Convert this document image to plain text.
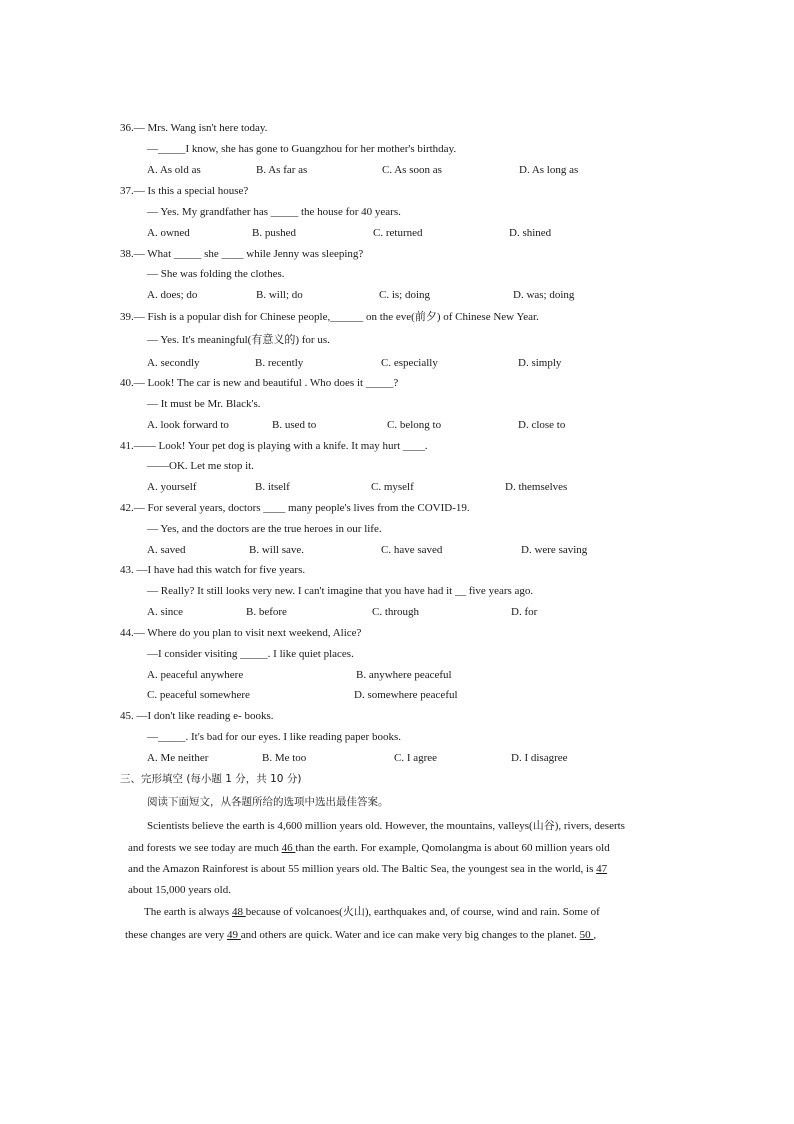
36.— Mrs. Wang isn't here today.
—_____I know, she has gone to Guangzhou for her mother's birthday.
A. As old as	B. As far as	C. As soon as	D. As long as
37.— Is this a special house?
— Yes. My grandfather has _____ the house for 40 years.
A. owned	B. pushed	C. returned	D. shined
38.— What _____ she ____ while Jenny was sleeping?
— She was folding the clothes.
A. does; do	B. will; do	C. is; doing	D. was; doing
39.— Fish is a popular dish for Chinese people,______ on the eve(前夕) of Chinese New Year.
— Yes. It's meaningful(有意义的) for us.
A. secondly	B. recently	C. especially	D. simply
40.— Look! The car is new and beautiful . Who does it _____?
— It must be Mr. Black's.
A. look forward to	B. used to	C. belong to	D. close to
41.—— Look! Your pet dog is playing with a knife. It may hurt ____.
——OK. Let me stop it.
A. yourself	B. itself	C. myself	D. themselves
42.— For several years, doctors ____ many people's lives from the COVID-19.
— Yes, and the doctors are the true heroes in our life.
A. saved	B. will save.	C. have saved	D. were saving
43. —I have had this watch for five years.
— Really? It still looks very new. I can't imagine that you have had it __ five years ago.
A. since	B. before	C. through	D. for
44.— Where do you plan to visit next weekend, Alice?
—I consider visiting _____. I like quiet places.
A. peaceful anywhere	B. anywhere peaceful
C. peaceful somewhere	D. somewhere peaceful
45. —I don't like reading e- books.
—_____. It's bad for our eyes. I like reading paper books.
A. Me neither	B. Me too	C. I agree	D. I disagree
三、完形填空 (每小题 1 分，共 10 分)
阅读下面短文，从各题所给的选项中选出最佳答案。
Scientists believe the earth is 4,600 million years old. However, the mountains, valleys(山谷), rivers, deserts
and forests we see today are much 46 than the earth. For example, Qomolangma is about 60 million years old
and the Amazon Rainforest is about 55 million years old. The Baltic Sea, the youngest sea in the world, is 47
about 15,000 years old.
The earth is always 48 because of volcanoes(火山), earthquakes and, of course, wind and rain. Some of
these changes are very 49 and others are quick. Water and ice can make very big changes to the planet. 50 ,
